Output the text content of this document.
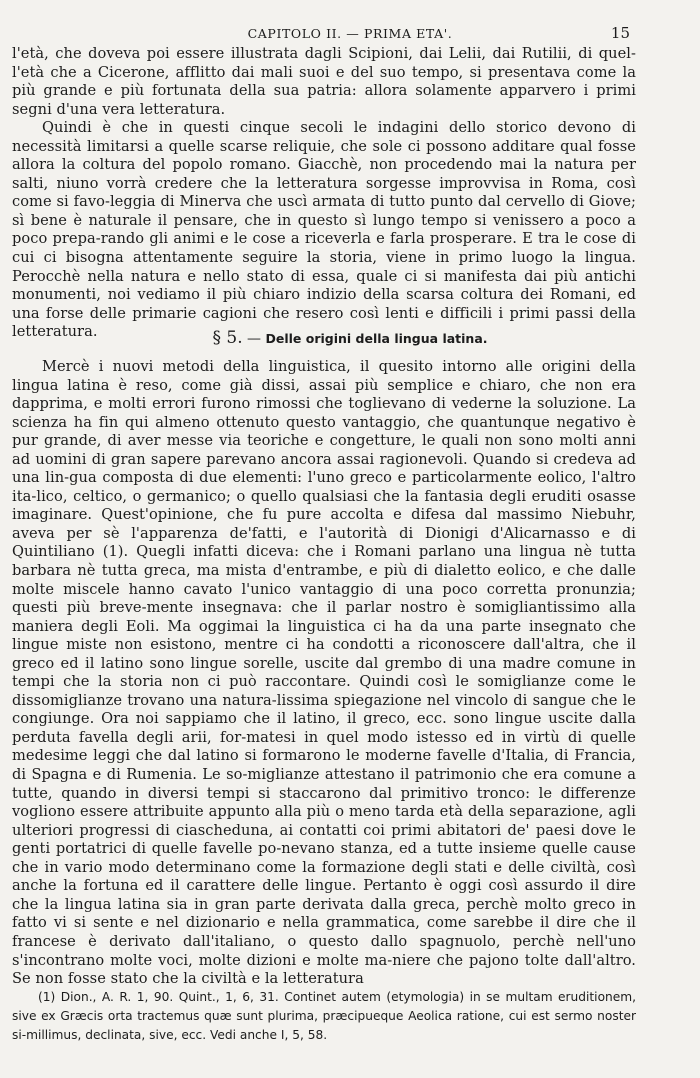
CAPITOLO II. — PRIMA ETA'.	15

l'età, che doveva poi essere illustrata dagli Scipioni, dai Lelii, dai Rutilii, di quel-l'età che a Cicerone, afflitto dai mali suoi e del suo tempo, si presentava come la più grande e più fortunata della sua patria: allora solamente apparvero i primi segni d'una vera letteratura.

Quindi è che in questi cinque secoli le indagini dello storico devono di necessità limitarsi a quelle scarse reliquie, che sole ci possono additare qual fosse allora la coltura del popolo romano. Giacchè, non procedendo mai la natura per salti, niuno vorrà credere che la letteratura sorgesse improvvisa in Roma, così come si favo-leggia di Minerva che uscì armata di tutto punto dal cervello di Giove; sì bene è naturale il pensare, che in questo sì lungo tempo si venissero a poco a poco prepa-rando gli animi e le cose a riceverla e farla prosperare. E tra le cose di cui ci bisogna attentamente seguire la storia, viene in primo luogo la lingua. Perocchè nella natura e nello stato di essa, quale ci si manifesta dai più antichi monumenti, noi vediamo il più chiaro indizio della scarsa coltura dei Romani, ed una forse delle primarie cagioni che resero così lenti e difficili i primi passi della letteratura.	§ 5. — Delle origini della lingua latina.

Mercè i nuovi metodi della linguistica, il quesito intorno alle origini della lingua latina è reso, come già dissi, assai più semplice e chiaro, che non era dapprima, e molti errori furono rimossi che toglievano di vederne la soluzione. La scienza ha fin qui almeno ottenuto questo vantaggio, che quantunque negativo è pur grande, di aver messe via teoriche e congetture, le quali non sono molti anni ad uomini di gran sapere parevano ancora assai ragionevoli. Quando si credeva ad una lin-gua composta di due elementi: l'uno greco e particolarmente eolico, l'altro ita-lico, celtico, o germanico; o quello qualsiasi che la fantasia degli eruditi osasse imaginare. Quest'opinione, che fu pure accolta e difesa dal massimo Niebuhr, aveva per sè l'apparenza de'fatti, e l'autorità di Dionigi d'Alicarnasso e di Quintiliano (1). Quegli infatti diceva: che i Romani parlano una lingua nè tutta barbara nè tutta greca, ma mista d'entrambe, e più di dialetto eolico, e che dalle molte miscele hanno cavato l'unico vantaggio di una poco corretta pronunzia; questi più breve-mente insegnava: che il parlar nostro è somigliantissimo alla maniera degli Eoli. Ma oggimai la linguistica ci ha da una parte insegnato che lingue miste non esistono, mentre ci ha condotti a riconoscere dall'altra, che il greco ed il latino sono lingue sorelle, uscite dal grembo di una madre comune in tempi che la storia non ci può raccontare. Quindi così le somiglianze come le dissomiglianze trovano una natura-lissima spiegazione nel vincolo di sangue che le congiunge. Ora noi sappiamo che il latino, il greco, ecc. sono lingue uscite dalla perduta favella degli arii, for-matesi in quel modo istesso ed in virtù di quelle medesime leggi che dal latino si formarono le moderne favelle d'Italia, di Francia, di Spagna e di Rumenia. Le so-miglianze attestano il patrimonio che era comune a tutte, quando in diversi tempi si staccarono dal primitivo tronco: le differenze vogliono essere attribuite appunto alla più o meno tarda età della separazione, agli ulteriori progressi di ciascheduna, ai contatti coi primi abitatori de' paesi dove le genti portatrici di quelle favelle po-nevano stanza, ed a tutte insieme quelle cause che in vario modo determinano come la formazione degli stati e delle civiltà, così anche la fortuna ed il carattere delle lingue. Pertanto è oggi così assurdo il dire che la lingua latina sia in gran parte derivata dalla greca, perchè molto greco in fatto vi si sente e nel dizionario e nella grammatica, come sarebbe il dire che il francese è derivato dall'italiano, o questo dallo spagnuolo, perchè nell'uno s'incontrano molte voci, molte dizioni e molte ma-niere che pajono tolte dall'altro. Se non fosse stato che la civiltà e la letteratura

(1) Dion., A. R. 1, 90. Quint., 1, 6, 31. Continet autem (etymologia) in se multam eruditionem, sive ex Græcis orta tractemus quæ sunt plurima, præcipueque Aeolica ratione, cui est sermo noster si-millimus, declinata, sive, ecc. Vedi anche I, 5, 58.
